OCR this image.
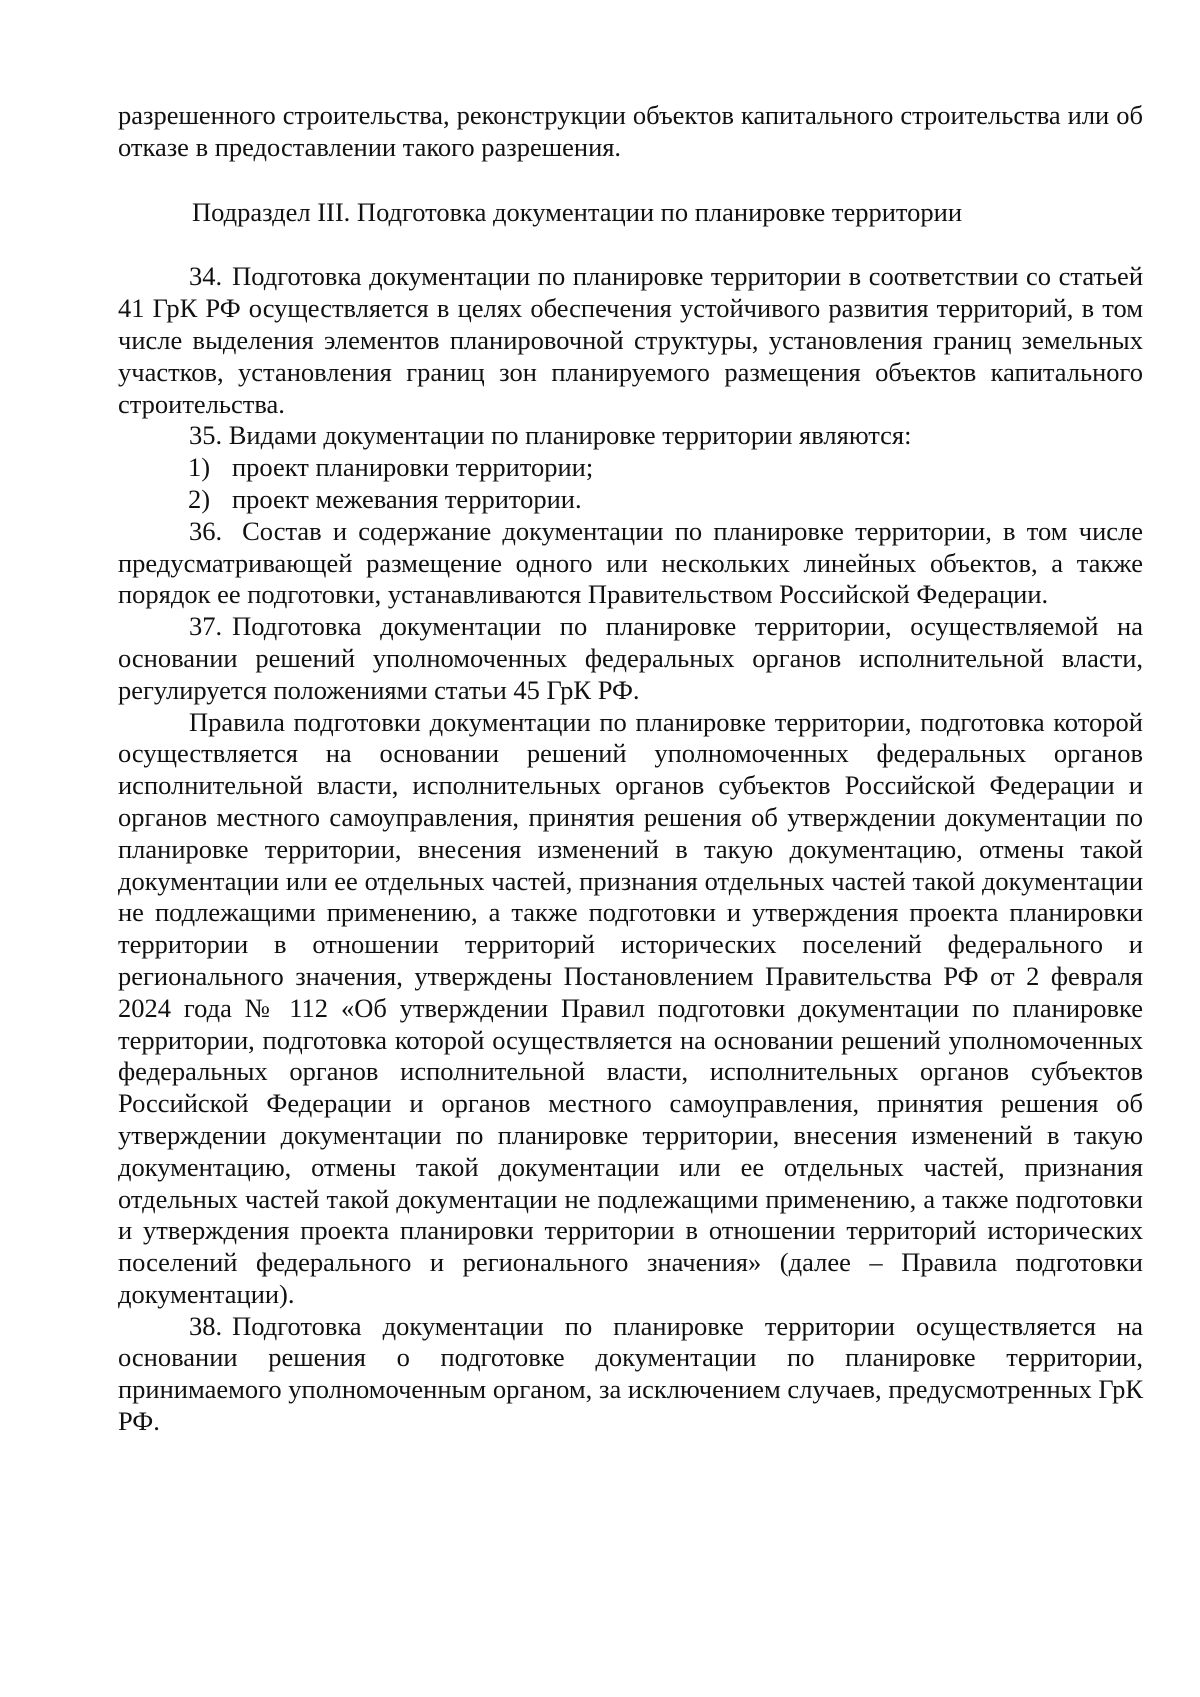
разрешенного строительства, реконструкции объектов капитального строительства или об отказе в предоставлении такого разрешения.

Подраздел III. Подготовка документации по планировке территории

34. Подготовка документации по планировке территории в соответствии со статьей 41 ГрК РФ осуществляется в целях обеспечения устойчивого развития территорий, в том числе выделения элементов планировочной структуры, установления границ земельных участков, установления границ зон планируемого размещения объектов капитального строительства.

35. Видами документации по планировке территории являются:

1) проект планировки территории;

2) проект межевания территории.

36. Состав и содержание документации по планировке территории, в том числе предусматривающей размещение одного или нескольких линейных объектов, а также порядок ее подготовки, устанавливаются Правительством Российской Федерации.

37. Подготовка документации по планировке территории, осуществляемой на основании решений уполномоченных федеральных органов исполнительной власти, регулируется положениями статьи 45 ГрК РФ.

Правила подготовки документации по планировке территории, подготовка которой осуществляется на основании решений уполномоченных федеральных органов исполнительной власти, исполнительных органов субъектов Российской Федерации и органов местного самоуправления, принятия решения об утверждении документации по планировке территории, внесения изменений в такую документацию, отмены такой документации или ее отдельных частей, признания отдельных частей такой документации не подлежащими применению, а также подготовки и утверждения проекта планировки территории в отношении территорий исторических поселений федерального и регионального значения, утверждены Постановлением Правительства РФ от 2 февраля 2024 года № 112 «Об утверждении Правил подготовки документации по планировке территории, подготовка которой осуществляется на основании решений уполномоченных федеральных органов исполнительной власти, исполнительных органов субъектов Российской Федерации и органов местного самоуправления, принятия решения об утверждении документации по планировке территории, внесения изменений в такую документацию, отмены такой документации или ее отдельных частей, признания отдельных частей такой документации не подлежащими применению, а также подготовки и утверждения проекта планировки территории в отношении территорий исторических поселений федерального и регионального значения» (далее – Правила подготовки документации).

38. Подготовка документации по планировке территории осуществляется на основании решения о подготовке документации по планировке территории, принимаемого уполномоченным органом, за исключением случаев, предусмотренных ГрК РФ.
